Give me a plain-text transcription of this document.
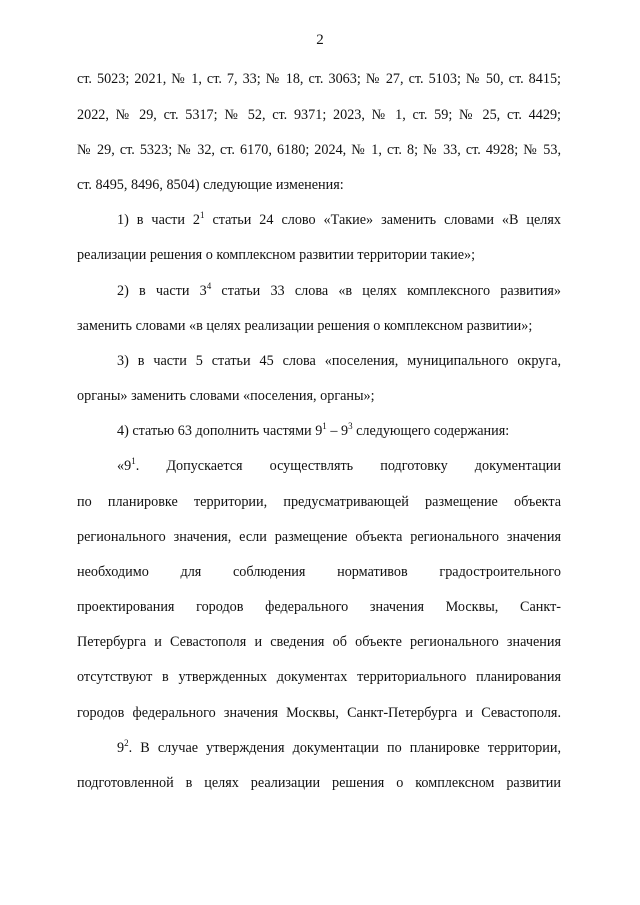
2
ст. 5023; 2021, № 1, ст. 7, 33; № 18, ст. 3063; № 27, ст. 5103; № 50, ст. 8415;
2022, № 29, ст. 5317; № 52, ст. 9371; 2023, № 1, ст. 59; № 25, ст. 4429;
№ 29, ст. 5323; № 32, ст. 6170, 6180; 2024, № 1, ст. 8; № 33, ст. 4928; № 53,
ст. 8495, 8496, 8504) следующие изменения:
1) в части $2^1$ статьи 24 слово «Такие» заменить словами «В целях
реализации решения о комплексном развитии территории такие»;
2) в части $3^4$ статьи 33 слова «в целях комплексного развития»
заменить словами «в целях реализации решения о комплексном развитии»;
3) в части 5 статьи 45 слова «поселения, муниципального округа,
органы» заменить словами «поселения, органы»;
4) статью 63 дополнить частями $9^1 - 9^3$ следующего содержания:
«$9^1$. Допускается осуществлять подготовку документации
по планировке территории, предусматривающей размещение объекта
регионального значения, если размещение объекта регионального значения
необходимо для соблюдения нормативов градостроительного
проектирования городов федерального значения Москвы, Санкт-
Петербурга и Севастополя и сведения об объекте регионального значения
отсутствуют в утвержденных документах территориального планирования
городов федерального значения Москвы, Санкт-Петербурга и Севастополя.
$9^2$. В случае утверждения документации по планировке территории,
подготовленной в целях реализации решения о комплексном развитии
